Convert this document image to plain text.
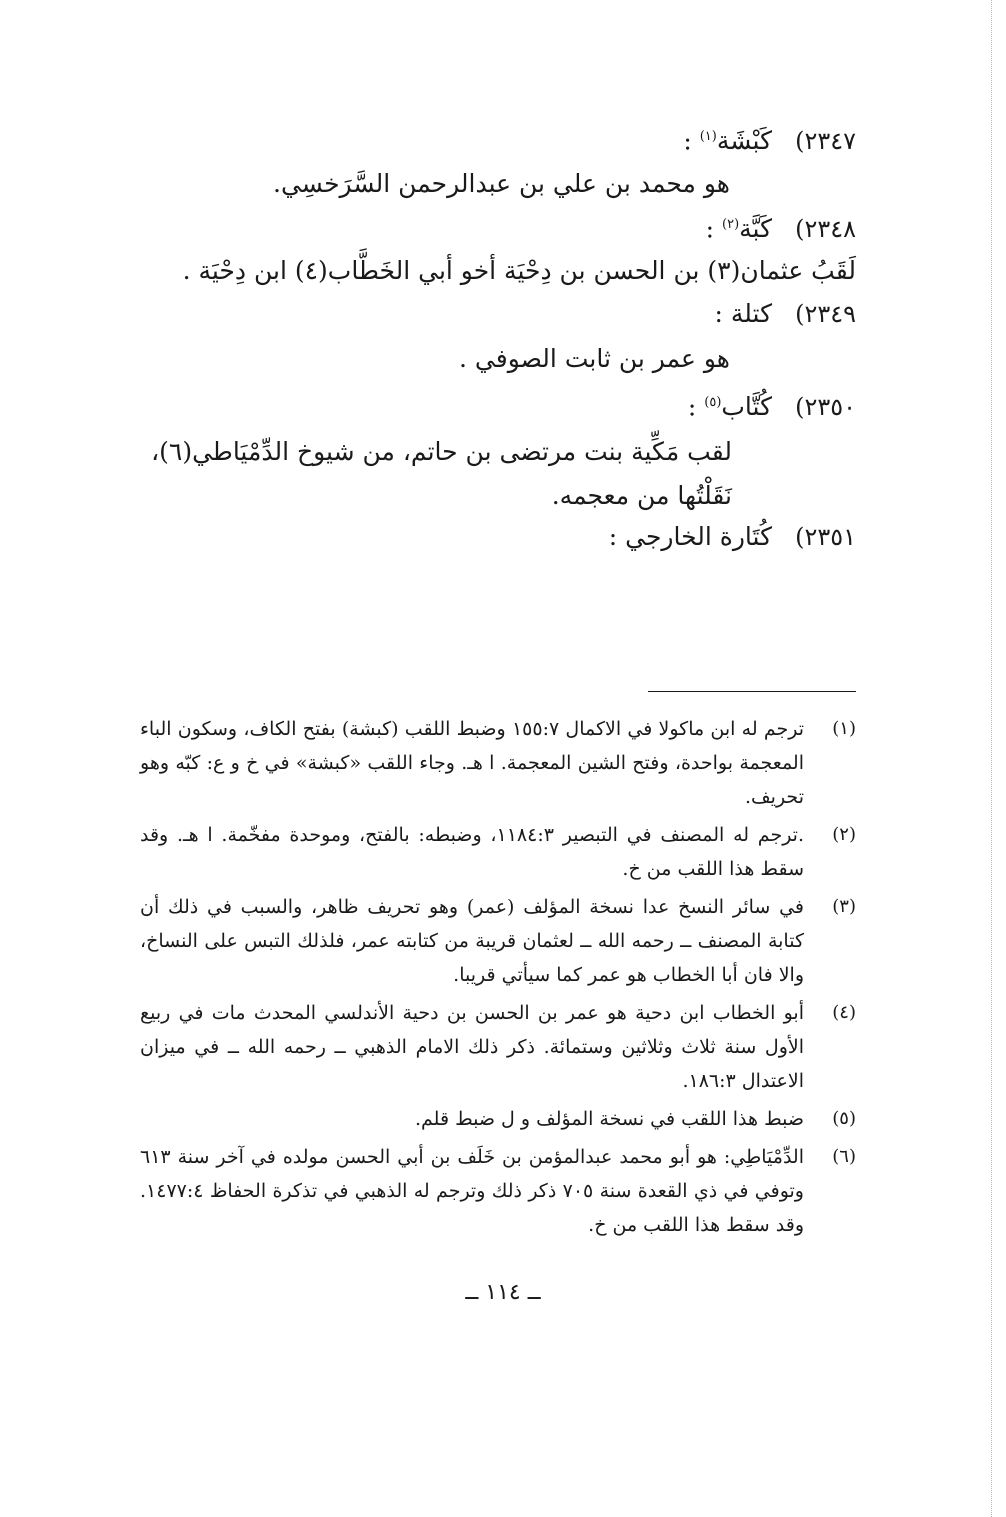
٢٣٤٧)كَبْشَة$^{(١)}$ :
هو محمد بن علي بن عبدالرحمن السَّرَخسِي.
٢٣٤٨)كَبَّة$^{(٢)}$ :
لَقَبُ عثمان(٣) بن الحسن بن دِحْيَة أخو أبي الخَطَّاب(٤) ابن دِحْيَة .
٢٣٤٩)كتلة :
هو عمر بن ثابت الصوفي .
٢٣٥٠)كُتَّاب$^{(٥)}$ :
لقب مَكِّية بنت مرتضى بن حاتم، من شيوخ الدِّمْيَاطي(٦)، نَقَلْتُها من معجمه.
٢٣٥١)كُتَارة الخارجي :
(١)
ترجم له ابن ماكولا في الاكمال ١٥٥:٧ وضبط اللقب (كبشة) بفتح الكاف، وسكون الباء المعجمة بواحدة، وفتح الشين المعجمة. ا هـ. وجاء اللقب «كبشة» في خ و ع: كبّه وهو تحريف.
(٢)
.ترجم له المصنف في التبصير ١١٨٤:٣، وضبطه: بالفتح، وموحدة مفخّمة. ا هـ. وقد سقط هذا اللقب من خ.
(٣)
في سائر النسخ عدا نسخة المؤلف (عمر) وهو تحريف ظاهر، والسبب في ذلك أن كتابة المصنف ــ رحمه الله ــ لعثمان قريبة من كتابته عمر، فلذلك التبس على النساخ، والا فان أبا الخطاب هو عمر كما سيأتي قريبا.
(٤)
أبو الخطاب ابن دحية هو عمر بن الحسن بن دحية الأندلسي المحدث مات في ربيع الأول سنة ثلاث وثلاثين وستمائة. ذكر ذلك الامام الذهبي ــ رحمه الله ــ في ميزان الاعتدال ١٨٦:٣.
(٥)
ضبط هذا اللقب في نسخة المؤلف و ل ضبط قلم.
(٦)
الدِّمْيَاطِي: هو أبو محمد عبدالمؤمن بن خَلَف بن أبي الحسن مولده في آخر سنة ٦١٣ وتوفي في ذي القعدة سنة ٧٠٥ ذكر ذلك وترجم له الذهبي في تذكرة الحفاظ ١٤٧٧:٤. وقد سقط هذا اللقب من خ.
ــ ١١٤ ــ
